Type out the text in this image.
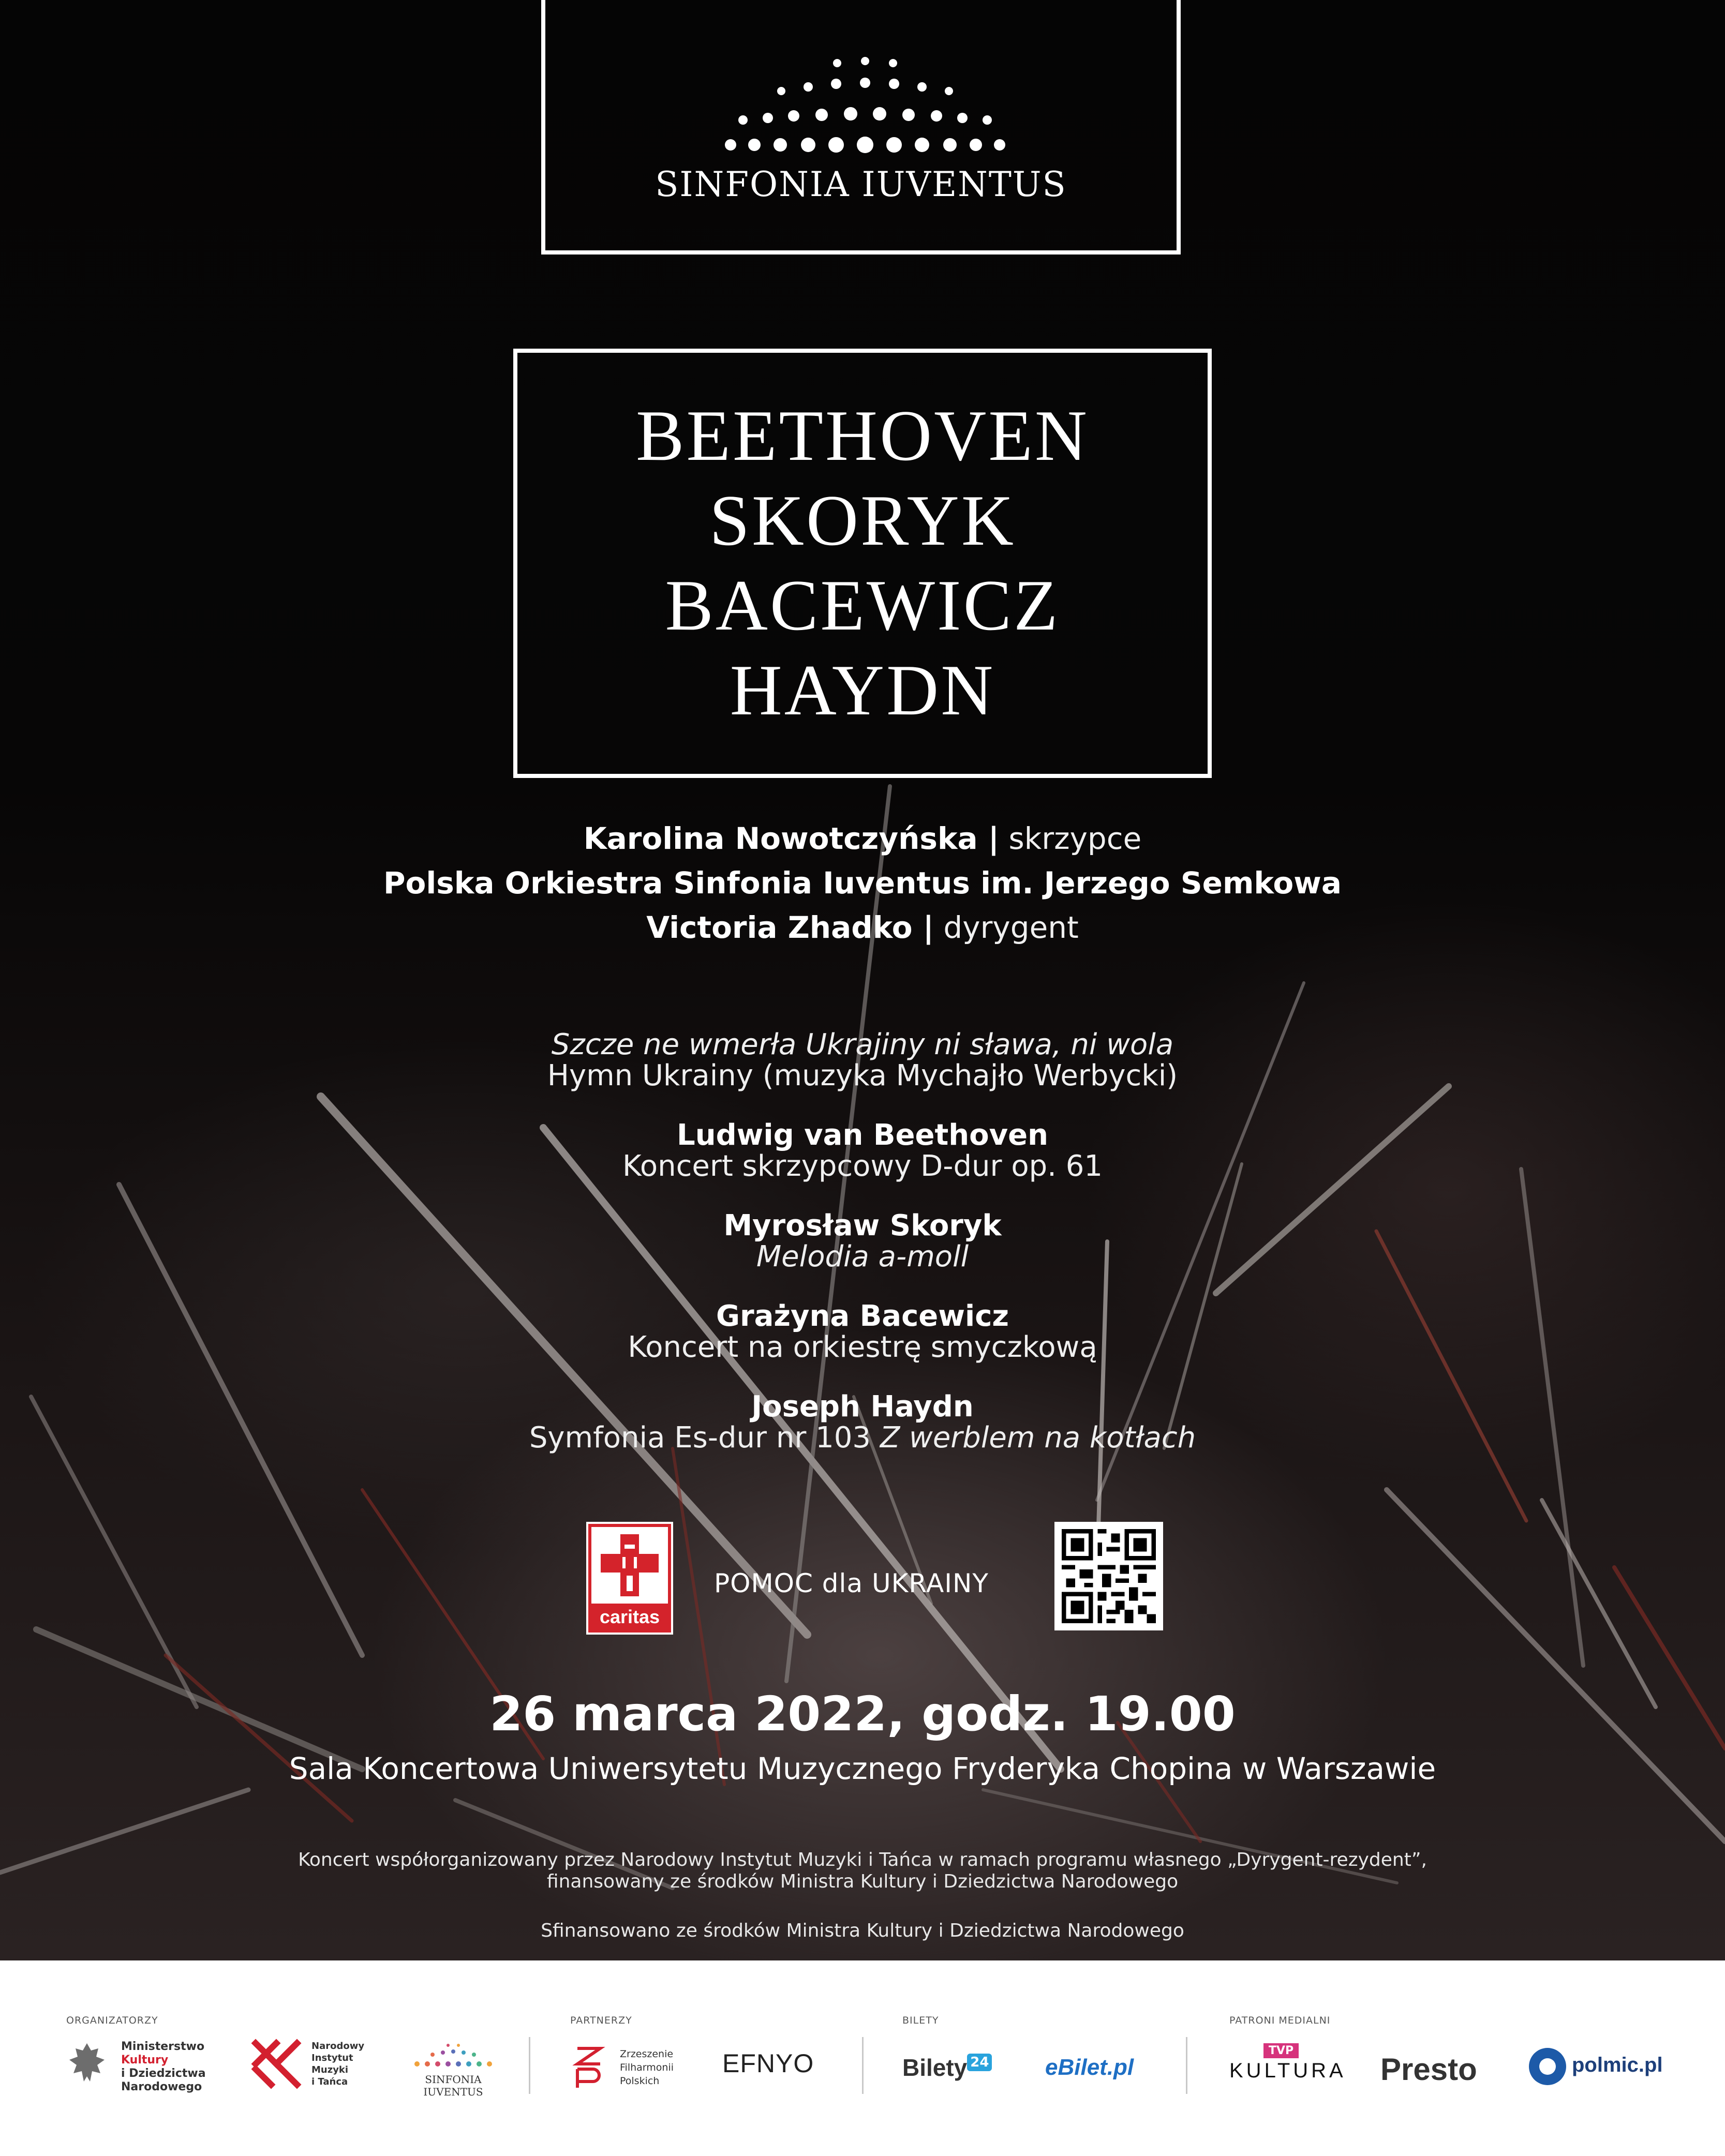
SINFONIA IUVENTUS
BEETHOVEN
SKORYK
BACEWICZ
HAYDN
Karolina Nowotczyńska | skrzypce
Polska Orkiestra Sinfonia Iuventus im. Jerzego Semkowa
Victoria Zhadko | dyrygent
Szcze ne wmerła Ukrajiny ni sława, ni wola
Hymn Ukrainy (muzyka Mychajło Werbycki)
Ludwig van Beethoven
Koncert skrzypcowy D-dur op. 61
Myrosław Skoryk
Melodia a-moll
Grażyna Bacewicz
Koncert na orkiestrę smyczkową
Joseph Haydn
Symfonia Es-dur nr 103 Z werblem na kotłach
caritas
POMOC dla UKRAINY
26 marca 2022, godz. 19.00
Sala Koncertowa Uniwersytetu Muzycznego Fryderyka Chopina w Warszawie
Koncert współorganizowany przez Narodowy Instytut Muzyki i Tańca w ramach programu własnego „Dyrygent-rezydent”,
finansowany ze środków Ministra Kultury i Dziedzictwa Narodowego
Sfinansowano ze środków Ministra Kultury i Dziedzictwa Narodowego
ORGANIZATORZY	PARTNERZY	BILETY	PATRONI MEDIALNI
Ministerstwo
Kultury
i Dziedzictwa
Narodowego
Narodowy
Instytut
Muzyki
i Tańca	SINFONIA IUVENTUS
Zrzeszenie
Filharmonii
Polskich
EFNYO	Bilety 24 eBilet.pl
TVP
KULTURA Presto	polmic.pl
